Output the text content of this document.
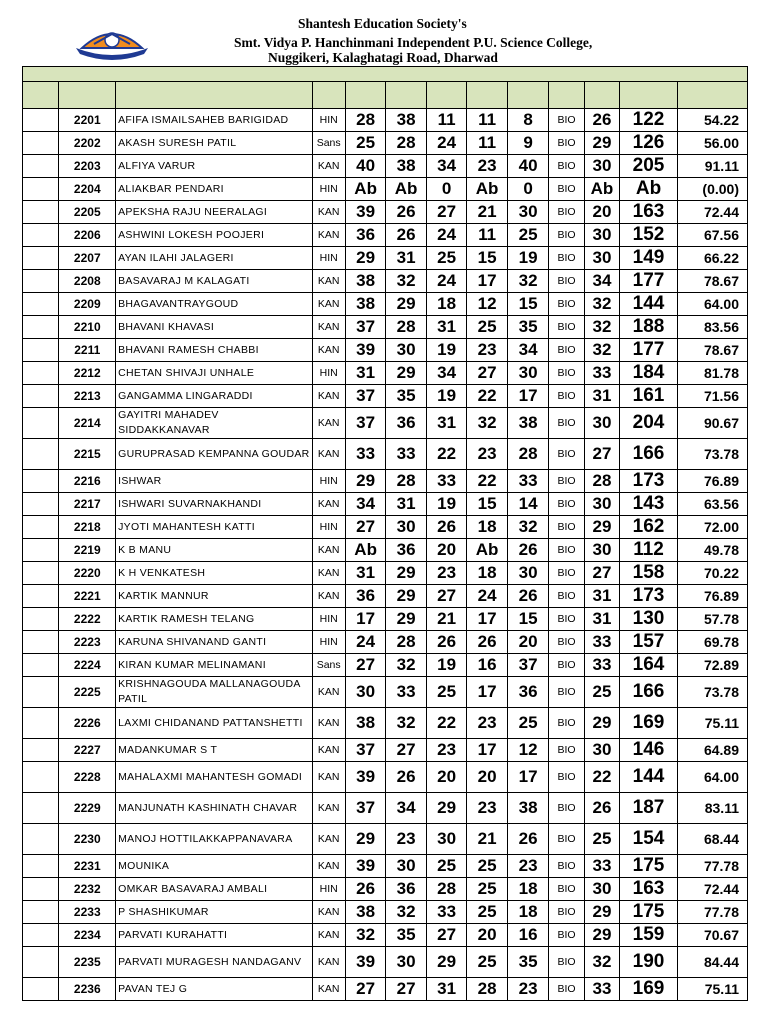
Shantesh Education Society's
Smt. Vidya P. Hanchinmani Independent P.U. Science College,
Nuggikeri, Kalaghatagi Road, Dharwad

	2201	AFIFA ISMAILSAHEB BARIGIDAD	HIN	28	38	11	11	8	BIO	26	122	54.22
	2202	AKASH SURESH PATIL	Sans	25	28	24	11	9	BIO	29	126	56.00
	2203	ALFIYA VARUR	KAN	40	38	34	23	40	BIO	30	205	91.11
	2204	ALIAKBAR PENDARI	HIN	Ab	Ab	0	Ab	0	BIO	Ab	Ab	(0.00)
	2205	APEKSHA RAJU NEERALAGI	KAN	39	26	27	21	30	BIO	20	163	72.44
	2206	ASHWINI LOKESH POOJERI	KAN	36	26	24	11	25	BIO	30	152	67.56
	2207	AYAN ILAHI JALAGERI	HIN	29	31	25	15	19	BIO	30	149	66.22
	2208	BASAVARAJ M KALAGATI	KAN	38	32	24	17	32	BIO	34	177	78.67
	2209	BHAGAVANTRAYGOUD	KAN	38	29	18	12	15	BIO	32	144	64.00
	2210	BHAVANI KHAVASI	KAN	37	28	31	25	35	BIO	32	188	83.56
	2211	BHAVANI RAMESH CHABBI	KAN	39	30	19	23	34	BIO	32	177	78.67
	2212	CHETAN SHIVAJI UNHALE	HIN	31	29	34	27	30	BIO	33	184	81.78
	2213	GANGAMMA LINGARADDI	KAN	37	35	19	22	17	BIO	31	161	71.56
	2214	GAYITRI MAHADEV SIDDAKKANAVAR	KAN	37	36	31	32	38	BIO	30	204	90.67
	2215	GURUPRASAD KEMPANNA GOUDAR	KAN	33	33	22	23	28	BIO	27	166	73.78
	2216	ISHWAR	HIN	29	28	33	22	33	BIO	28	173	76.89
	2217	ISHWARI SUVARNAKHANDI	KAN	34	31	19	15	14	BIO	30	143	63.56
	2218	JYOTI MAHANTESH KATTI	HIN	27	30	26	18	32	BIO	29	162	72.00
	2219	K B MANU	KAN	Ab	36	20	Ab	26	BIO	30	112	49.78
	2220	K H VENKATESH	KAN	31	29	23	18	30	BIO	27	158	70.22
	2221	KARTIK MANNUR	KAN	36	29	27	24	26	BIO	31	173	76.89
	2222	KARTIK RAMESH TELANG	HIN	17	29	21	17	15	BIO	31	130	57.78
	2223	KARUNA SHIVANAND GANTI	HIN	24	28	26	26	20	BIO	33	157	69.78
	2224	KIRAN KUMAR MELINAMANI	Sans	27	32	19	16	37	BIO	33	164	72.89
	2225	KRISHNAGOUDA MALLANAGOUDA PATIL	KAN	30	33	25	17	36	BIO	25	166	73.78
	2226	LAXMI CHIDANAND PATTANSHETTI	KAN	38	32	22	23	25	BIO	29	169	75.11
	2227	MADANKUMAR S T	KAN	37	27	23	17	12	BIO	30	146	64.89
	2228	MAHALAXMI MAHANTESH GOMADI	KAN	39	26	20	20	17	BIO	22	144	64.00
	2229	MANJUNATH KASHINATH CHAVAR	KAN	37	34	29	23	38	BIO	26	187	83.11
	2230	MANOJ HOTTILAKKAPPANAVARA	KAN	29	23	30	21	26	BIO	25	154	68.44
	2231	MOUNIKA	KAN	39	30	25	25	23	BIO	33	175	77.78
	2232	OMKAR BASAVARAJ AMBALI	HIN	26	36	28	25	18	BIO	30	163	72.44
	2233	P SHASHIKUMAR	KAN	38	32	33	25	18	BIO	29	175	77.78
	2234	PARVATI KURAHATTI	KAN	32	35	27	20	16	BIO	29	159	70.67
	2235	PARVATI MURAGESH NANDAGANV	KAN	39	30	29	25	35	BIO	32	190	84.44
	2236	PAVAN TEJ G	KAN	27	27	31	28	23	BIO	33	169	75.11
